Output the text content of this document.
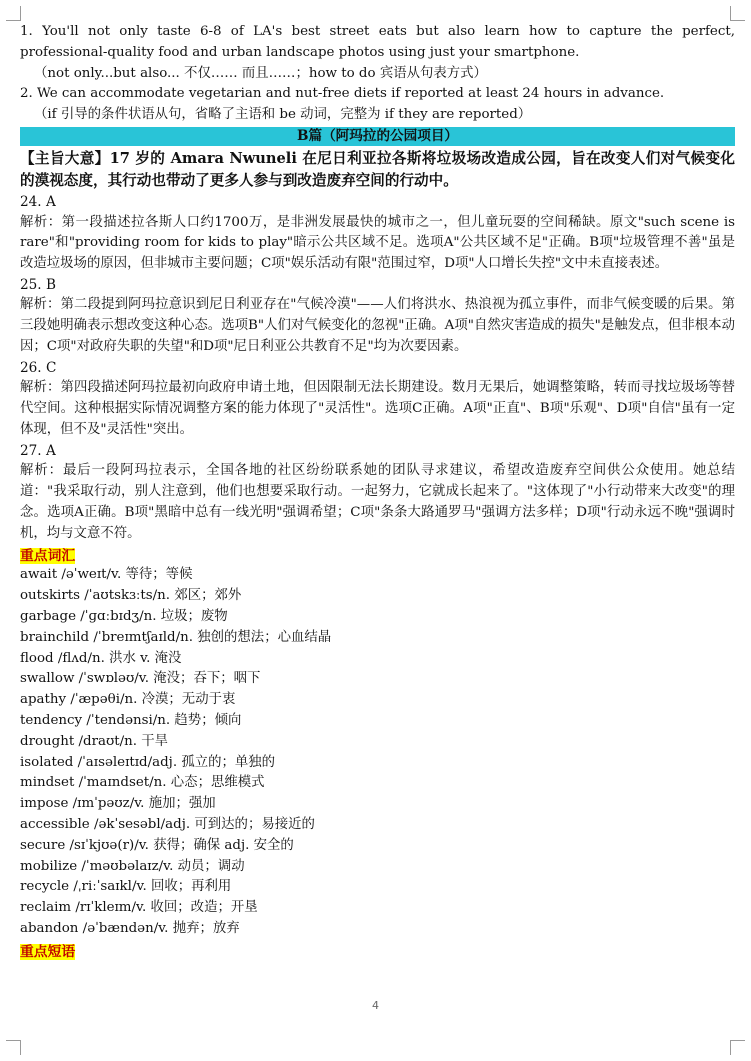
1. You'll not only taste 6-8 of LA's best street eats but also learn how to capture the perfect, professional-quality food and urban landscape photos using just your smartphone.
（not only...but also... 不仅…… 而且……；how to do 宾语从句表方式）
2. We can accommodate vegetarian and nut-free diets if reported at least 24 hours in advance.
（if 引导的条件状语从句，省略了主语和 be 动词，完整为 if they are reported）
B篇（阿玛拉的公园项目）
【主旨大意】17 岁的 Amara Nwuneli 在尼日利亚拉各斯将垃圾场改造成公园，旨在改变人们对气候变化的漠视态度，其行动也带动了更多人参与到改造废弃空间的行动中。
24. A
解析：第一段描述拉各斯人口约1700万，是非洲发展最快的城市之一，但儿童玩耍的空间稀缺。原文"such scene is rare"和"providing room for kids to play"暗示公共区域不足。选项A"公共区域不足"正确。B项"垃圾管理不善"虽是改造垃圾场的原因，但非城市主要问题；C项"娱乐活动有限"范围过窄，D项"人口增长失控"文中未直接表述。
25. B
解析：第二段提到阿玛拉意识到尼日利亚存在"气候冷漠"——人们将洪水、热浪视为孤立事件，而非气候变暖的后果。第三段她明确表示想改变这种心态。选项B"人们对气候变化的忽视"正确。A项"自然灾害造成的损失"是触发点，但非根本动因；C项"对政府失职的失望"和D项"尼日利亚公共教育不足"均为次要因素。
26. C
解析：第四段描述阿玛拉最初向政府申请土地，但因限制无法长期建设。数月无果后，她调整策略，转而寻找垃圾场等替代空间。这种根据实际情况调整方案的能力体现了"灵活性"。选项C正确。A项"正直"、B项"乐观"、D项"自信"虽有一定体现，但不及"灵活性"突出。
27. A
解析：最后一段阿玛拉表示，全国各地的社区纷纷联系她的团队寻求建议，希望改造废弃空间供公众使用。她总结道："我采取行动，别人注意到，他们也想要采取行动。一起努力，它就成长起来了。"这体现了"小行动带来大改变"的理念。选项A正确。B项"黑暗中总有一线光明"强调希望；C项"条条大路通罗马"强调方法多样；D项"行动永远不晚"强调时机，均与文意不符。
重点词汇
await /əˈweɪt/v. 等待；等候
outskirts /ˈaʊtskɜːts/n. 郊区；郊外
garbage /ˈɡɑːbɪdʒ/n. 垃圾；废物
brainchild /ˈbreɪmtʃaɪld/n. 独创的想法；心血结晶
flood /flʌd/n. 洪水 v. 淹没
swallow /ˈswɒləʊ/v. 淹没；吞下；咽下
apathy /ˈæpəθi/n. 冷漠；无动于衷
tendency /ˈtendənsi/n. 趋势；倾向
drought /draʊt/n. 干旱
isolated /ˈaɪsəleɪtɪd/adj. 孤立的；单独的
mindset /ˈmaɪndset/n. 心态；思维模式
impose /ɪmˈpəʊz/v. 施加；强加
accessible /əkˈsesəbl/adj. 可到达的；易接近的
secure /sɪˈkjʊə(r)/v. 获得；确保 adj. 安全的
mobilize /ˈməʊbəlaɪz/v. 动员；调动
recycle /ˌriːˈsaɪkl/v. 回收；再利用
reclaim /rɪˈkleɪm/v. 收回；改造；开垦
abandon /əˈbændən/v. 抛弃；放弃
重点短语
4
